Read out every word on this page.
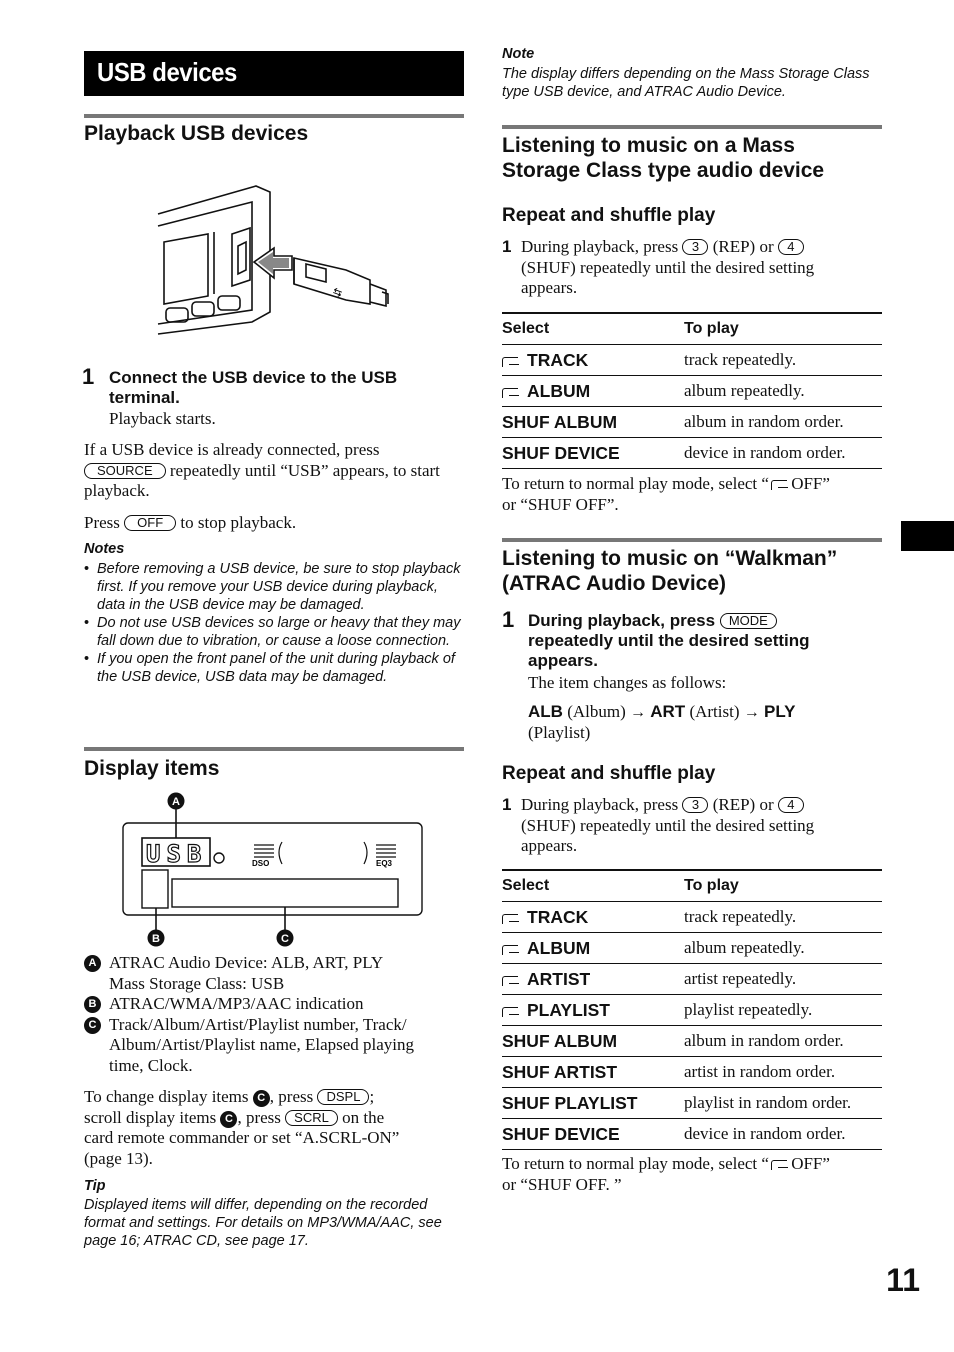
USB devices
Playback USB devices
⇆
1 Connect the USB device to the USB terminal.
Playback starts.
If a USB device is already connected, press SOURCE repeatedly until “USB” appears, to start playback.
Press OFF to stop playback.
Notes
• Before removing a USB device, be sure to stop playback first. If you remove your USB device during playback, data in the USB device may be damaged.
• Do not use USB devices so large or heavy that they may fall down due to vibration, or cause a loose connection.
• If you open the front panel of the unit during playback of the USB device, USB data may be damaged.
Display items
USB	DSO	EQ3
A
B	C
A ATRAC Audio Device: ALB, ART, PLY
Mass Storage Class: USB
B ATRAC/WMA/MP3/AAC indication
C Track/Album/Artist/Playlist number, Track/
Album/Artist/Playlist name, Elapsed playing
time, Clock.
To change display items C , press DSPL ;
scroll display items C , press SCRL on the
card remote commander or set “A.SCRL-ON”
(page 13).
Tip
Displayed items will differ, depending on the recorded format and settings. For details on MP3/WMA/AAC, see page 16; ATRAC CD, see page 17.
Note
The display differs depending on the Mass Storage Class type USB device, and ATRAC Audio Device.
Listening to music on a Mass
Storage Class type audio device
Repeat and shuffle play
1 During playback, press 3 (REP) or 4
(SHUF) repeatedly until the desired setting
appears.
Select	To play
TRACK	track repeatedly.
ALBUM	album repeatedly.
SHUF ALBUM	album in random order.
SHUF DEVICE	device in random order.
To return to normal play mode, select “ OFF”
or “SHUF OFF”.
Listening to music on “Walkman”
(ATRAC Audio Device)
1 During playback, press MODE
repeatedly until the desired setting
appears.
The item changes as follows:
ALB (Album) → ART (Artist) → PLY
(Playlist)
Repeat and shuffle play
1 During playback, press 3 (REP) or 4
(SHUF) repeatedly until the desired setting
appears.
Select	To play
TRACK	track repeatedly.
ALBUM	album repeatedly.
ARTIST	artist repeatedly.
PLAYLIST	playlist repeatedly.
SHUF ALBUM	album in random order.
SHUF ARTIST	artist in random order.
SHUF PLAYLIST	playlist in random order.
SHUF DEVICE	device in random order.
To return to normal play mode, select “ OFF”
or “SHUF OFF. ”
11
